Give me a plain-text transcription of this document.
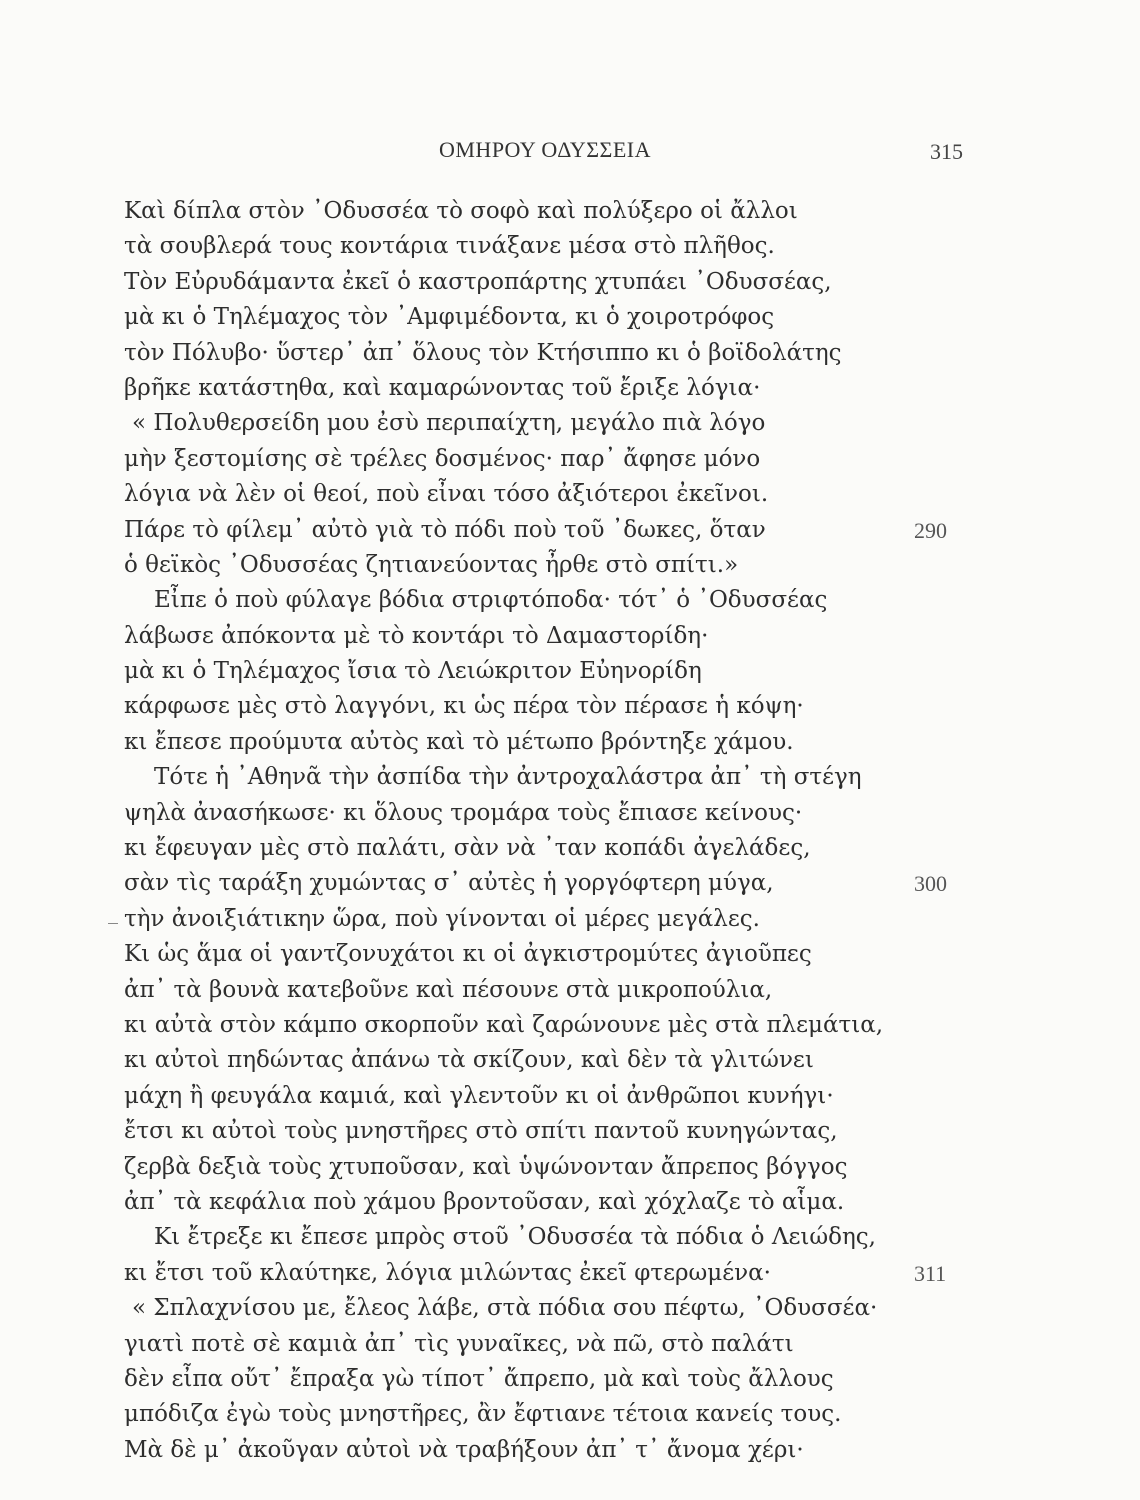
ΟΜΗΡΟΥ ΟΔΥΣΣΕΙΑ	315
Καὶ δίπλα στὸν ᾿Οδυσσέα τὸ σοφὸ καὶ πολύξερο οἱ ἄλλοι
τὰ σουβλερά τους κοντάρια τινάξανε μέσα στὸ πλῆθος.
Τὸν Εὐρυδάμαντα ἐκεῖ ὁ καστροπάρτης χτυπάει ᾿Οδυσσέας,
μὰ κι ὁ Τηλέμαχος τὸν ᾿Αμφιμέδοντα, κι ὁ χοιροτρόφος
τὸν Πόλυβο· ὕστερ᾿ ἀπ᾿ ὅλους τὸν Κτήσιππο κι ὁ βοϊδολάτης
βρῆκε κατάστηθα, καὶ καμαρώνοντας τοῦ ἔριξε λόγια·
« Πολυθερσείδη μου ἐσὺ περιπαίχτη, μεγάλο πιὰ λόγο
μὴν ξεστομίσης σὲ τρέλες δοσμένος· παρ᾿ ἄφησε μόνο
λόγια νὰ λὲν οἱ θεοί, ποὺ εἶναι τόσο ἀξιότεροι ἐκεῖνοι.
Πάρε τὸ φίλεμ᾿ αὐτὸ γιὰ τὸ πόδι ποὺ τοῦ ᾿δωκες, ὅταν	290
ὁ θεϊκὸς ᾿Οδυσσέας ζητιανεύοντας ἦρθε στὸ σπίτι.»
Εἶπε ὁ ποὺ φύλαγε βόδια στριφτόποδα· τότ᾿ ὁ ᾿Οδυσσέας
λάβωσε ἀπόκοντα μὲ τὸ κοντάρι τὸ Δαμαστορίδη·
μὰ κι ὁ Τηλέμαχος ἴσια τὸ Λειώκριτον Εὐηνορίδη
κάρφωσε μὲς στὸ λαγγόνι, κι ὡς πέρα τὸν πέρασε ἡ κόψη·
κι ἔπεσε προύμυτα αὐτὸς καὶ τὸ μέτωπο βρόντηξε χάμου.
Τότε ἡ ᾿Αθηνᾶ τὴν ἀσπίδα τὴν ἀντροχαλάστρα ἀπ᾿ τὴ στέγη
ψηλὰ ἀνασήκωσε· κι ὅλους τρομάρα τοὺς ἔπιασε κείνους·
κι ἔφευγαν μὲς στὸ παλάτι, σὰν νὰ ᾿ταν κοπάδι ἀγελάδες,
σὰν τὶς ταράξη χυμώντας σ᾿ αὐτὲς ἡ γοργόφτερη μύγα,	300
τὴν ἀνοιξιάτικην ὥρα, ποὺ γίνονται οἱ μέρες μεγάλες.
Κι ὡς ἅμα οἱ γαντζονυχάτοι κι οἱ ἀγκιστρομύτες ἀγιοῦπες
ἀπ᾿ τὰ βουνὰ κατεβοῦνε καὶ πέσουνε στὰ μικροπούλια,
κι αὐτὰ στὸν κάμπο σκορποῦν καὶ ζαρώνουνε μὲς στὰ πλεμάτια,
κι αὐτοὶ πηδώντας ἀπάνω τὰ σκίζουν, καὶ δὲν τὰ γλιτώνει
μάχη ἢ φευγάλα καμιά, καὶ γλεντοῦν κι οἱ ἀνθρῶποι κυνήγι·
ἔτσι κι αὐτοὶ τοὺς μνηστῆρες στὸ σπίτι παντοῦ κυνηγώντας,
ζερβὰ δεξιὰ τοὺς χτυποῦσαν, καὶ ὑψώνονταν ἄπρεπος βόγγος
ἀπ᾿ τὰ κεφάλια ποὺ χάμου βροντοῦσαν, καὶ χόχλαζε τὸ αἷμα.
Κι ἔτρεξε κι ἔπεσε μπρὸς στοῦ ᾿Οδυσσέα τὰ πόδια ὁ Λειώδης,
κι ἔτσι τοῦ κλαύτηκε, λόγια μιλώντας ἐκεῖ φτερωμένα·	311
« Σπλαχνίσου με, ἔλεος λάβε, στὰ πόδια σου πέφτω, ᾿Οδυσσέα·
γιατὶ ποτὲ σὲ καμιὰ ἀπ᾿ τὶς γυναῖκες, νὰ πῶ, στὸ παλάτι
δὲν εἶπα οὔτ᾿ ἔπραξα γὼ τίποτ᾿ ἄπρεπο, μὰ καὶ τοὺς ἄλλους
μπόδιζα ἐγὼ τοὺς μνηστῆρες, ἂν ἔφτιανε τέτοια κανείς τους.
Μὰ δὲ μ᾿ ἀκοῦγαν αὐτοὶ νὰ τραβήξουν ἀπ᾿ τ᾿ ἄνομα χέρι·
